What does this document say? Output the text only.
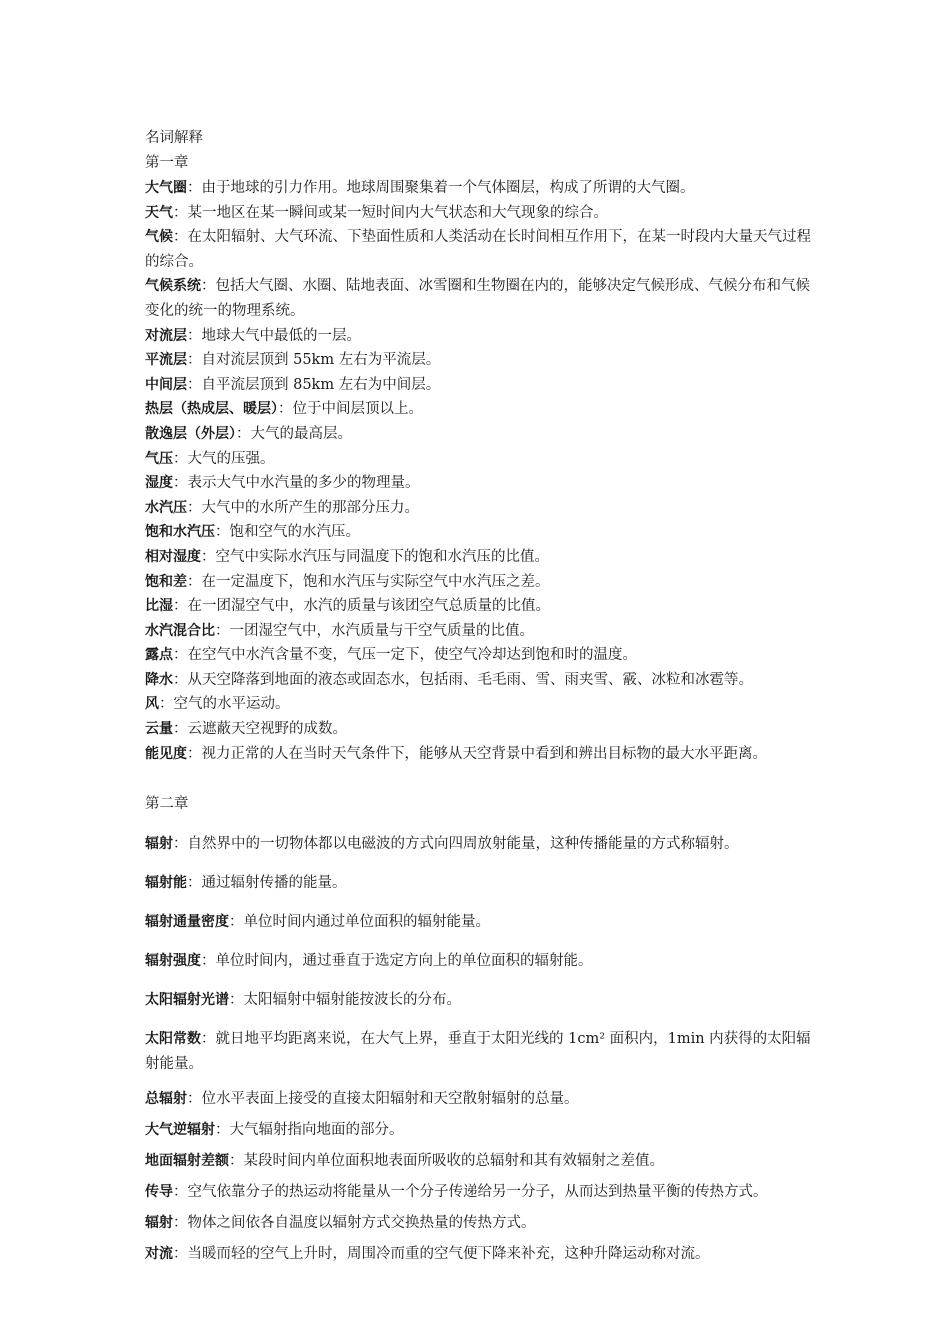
名词解释

第一章

大气圈：由于地球的引力作用。地球周围聚集着一个气体圈层，构成了所谓的大气圈。

天气：某一地区在某一瞬间或某一短时间内大气状态和大气现象的综合。

气候：在太阳辐射、大气环流、下垫面性质和人类活动在长时间相互作用下，在某一时段内大量天气过程的综合。

气候系统：包括大气圈、水圈、陆地表面、冰雪圈和生物圈在内的，能够决定气候形成、气候分布和气候变化的统一的物理系统。

对流层：地球大气中最低的一层。

平流层：自对流层顶到 55km 左右为平流层。

中间层：自平流层顶到 85km 左右为中间层。

热层（热成层、暖层）：位于中间层顶以上。

散逸层（外层）：大气的最高层。

气压：大气的压强。

湿度：表示大气中水汽量的多少的物理量。

水汽压：大气中的水所产生的那部分压力。

饱和水汽压：饱和空气的水汽压。

相对湿度：空气中实际水汽压与同温度下的饱和水汽压的比值。

饱和差：在一定温度下，饱和水汽压与实际空气中水汽压之差。

比湿：在一团湿空气中，水汽的质量与该团空气总质量的比值。

水汽混合比：一团湿空气中，水汽质量与干空气质量的比值。

露点：在空气中水汽含量不变，气压一定下，使空气冷却达到饱和时的温度。

降水：从天空降落到地面的液态或固态水，包括雨、毛毛雨、雪、雨夹雪、霰、冰粒和冰雹等。

风：空气的水平运动。

云量：云遮蔽天空视野的成数。

能见度：视力正常的人在当时天气条件下，能够从天空背景中看到和辨出目标物的最大水平距离。

第二章

辐射：自然界中的一切物体都以电磁波的方式向四周放射能量，这种传播能量的方式称辐射。

辐射能：通过辐射传播的能量。

辐射通量密度：单位时间内通过单位面积的辐射能量。

辐射强度：单位时间内，通过垂直于选定方向上的单位面积的辐射能。

太阳辐射光谱：太阳辐射中辐射能按波长的分布。

太阳常数：就日地平均距离来说，在大气上界，垂直于太阳光线的 1cm² 面积内，1min 内获得的太阳辐射能量。

总辐射：位水平表面上接受的直接太阳辐射和天空散射辐射的总量。

大气逆辐射：大气辐射指向地面的部分。

地面辐射差额：某段时间内单位面积地表面所吸收的总辐射和其有效辐射之差值。

传导：空气依靠分子的热运动将能量从一个分子传递给另一分子，从而达到热量平衡的传热方式。

辐射：物体之间依各自温度以辐射方式交换热量的传热方式。

对流：当暖而轻的空气上升时，周围冷而重的空气便下降来补充，这种升降运动称对流。
